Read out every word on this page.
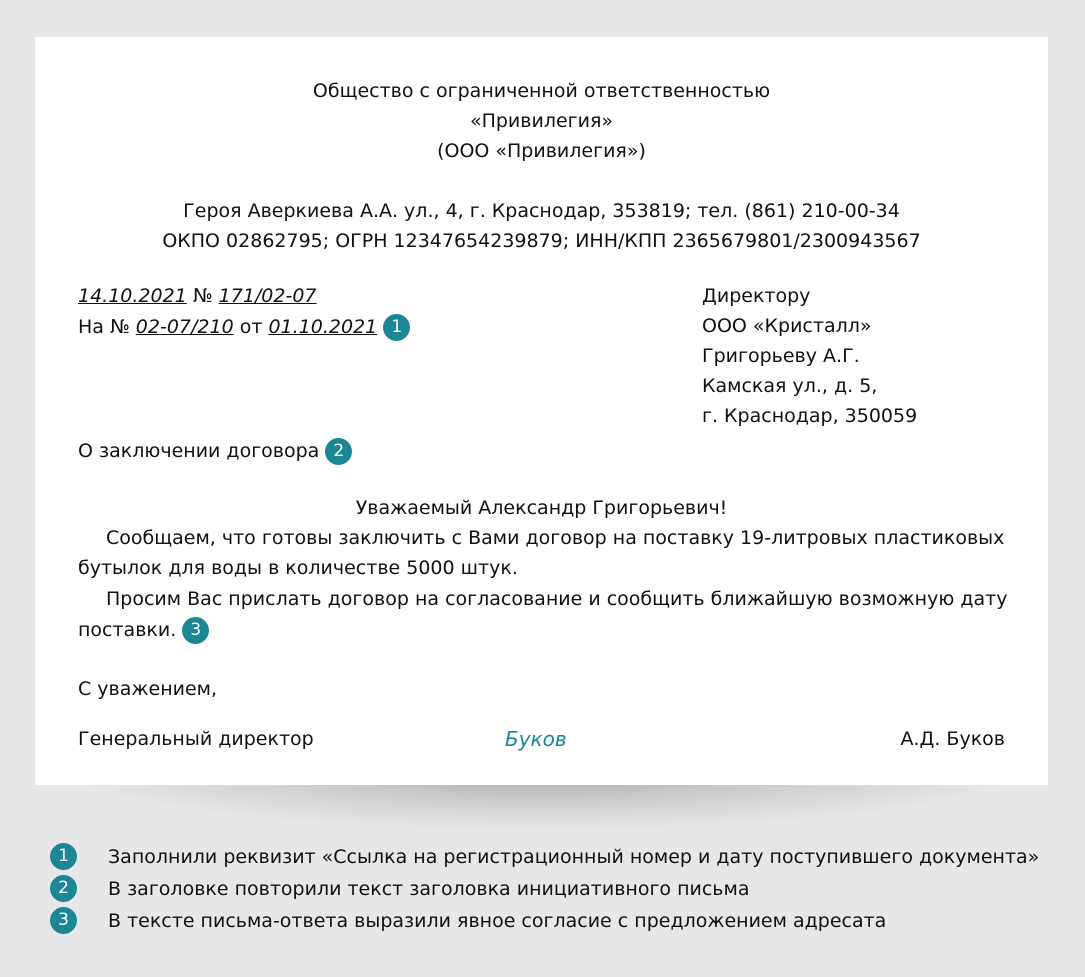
Общество с ограниченной ответственностью
«Привилегия»
(ООО «Привилегия»)
Героя Аверкиева А.А. ул., 4, г. Краснодар, 353819; тел. (861) 210-00-34
ОКПО 02862795; ОГРН 12347654239879; ИНН/КПП 2365679801/2300943567
14.10.2021 № 171/02-07
На № 02-07/210 от 01.10.2021 1
Директору
ООО «Кристалл»
Григорьеву А.Г.
Камская ул., д. 5,
г. Краснодар, 350059
О заключении договора 2
Уважаемый Александр Григорьевич!
Сообщаем, что готовы заключить с Вами договор на поставку 19-литровых пластиковых
бутылок для воды в количестве 5000 штук.
Просим Вас прислать договор на согласование и сообщить ближайшую возможную дату
поставки. 3
С уважением,
Генеральный директор	Буков	А.Д. Буков
1	Заполнили реквизит «Ссылка на регистрационный номер и дату поступившего документа»
2	В заголовке повторили текст заголовка инициативного письма
3	В тексте письма-ответа выразили явное согласие с предложением адресата
